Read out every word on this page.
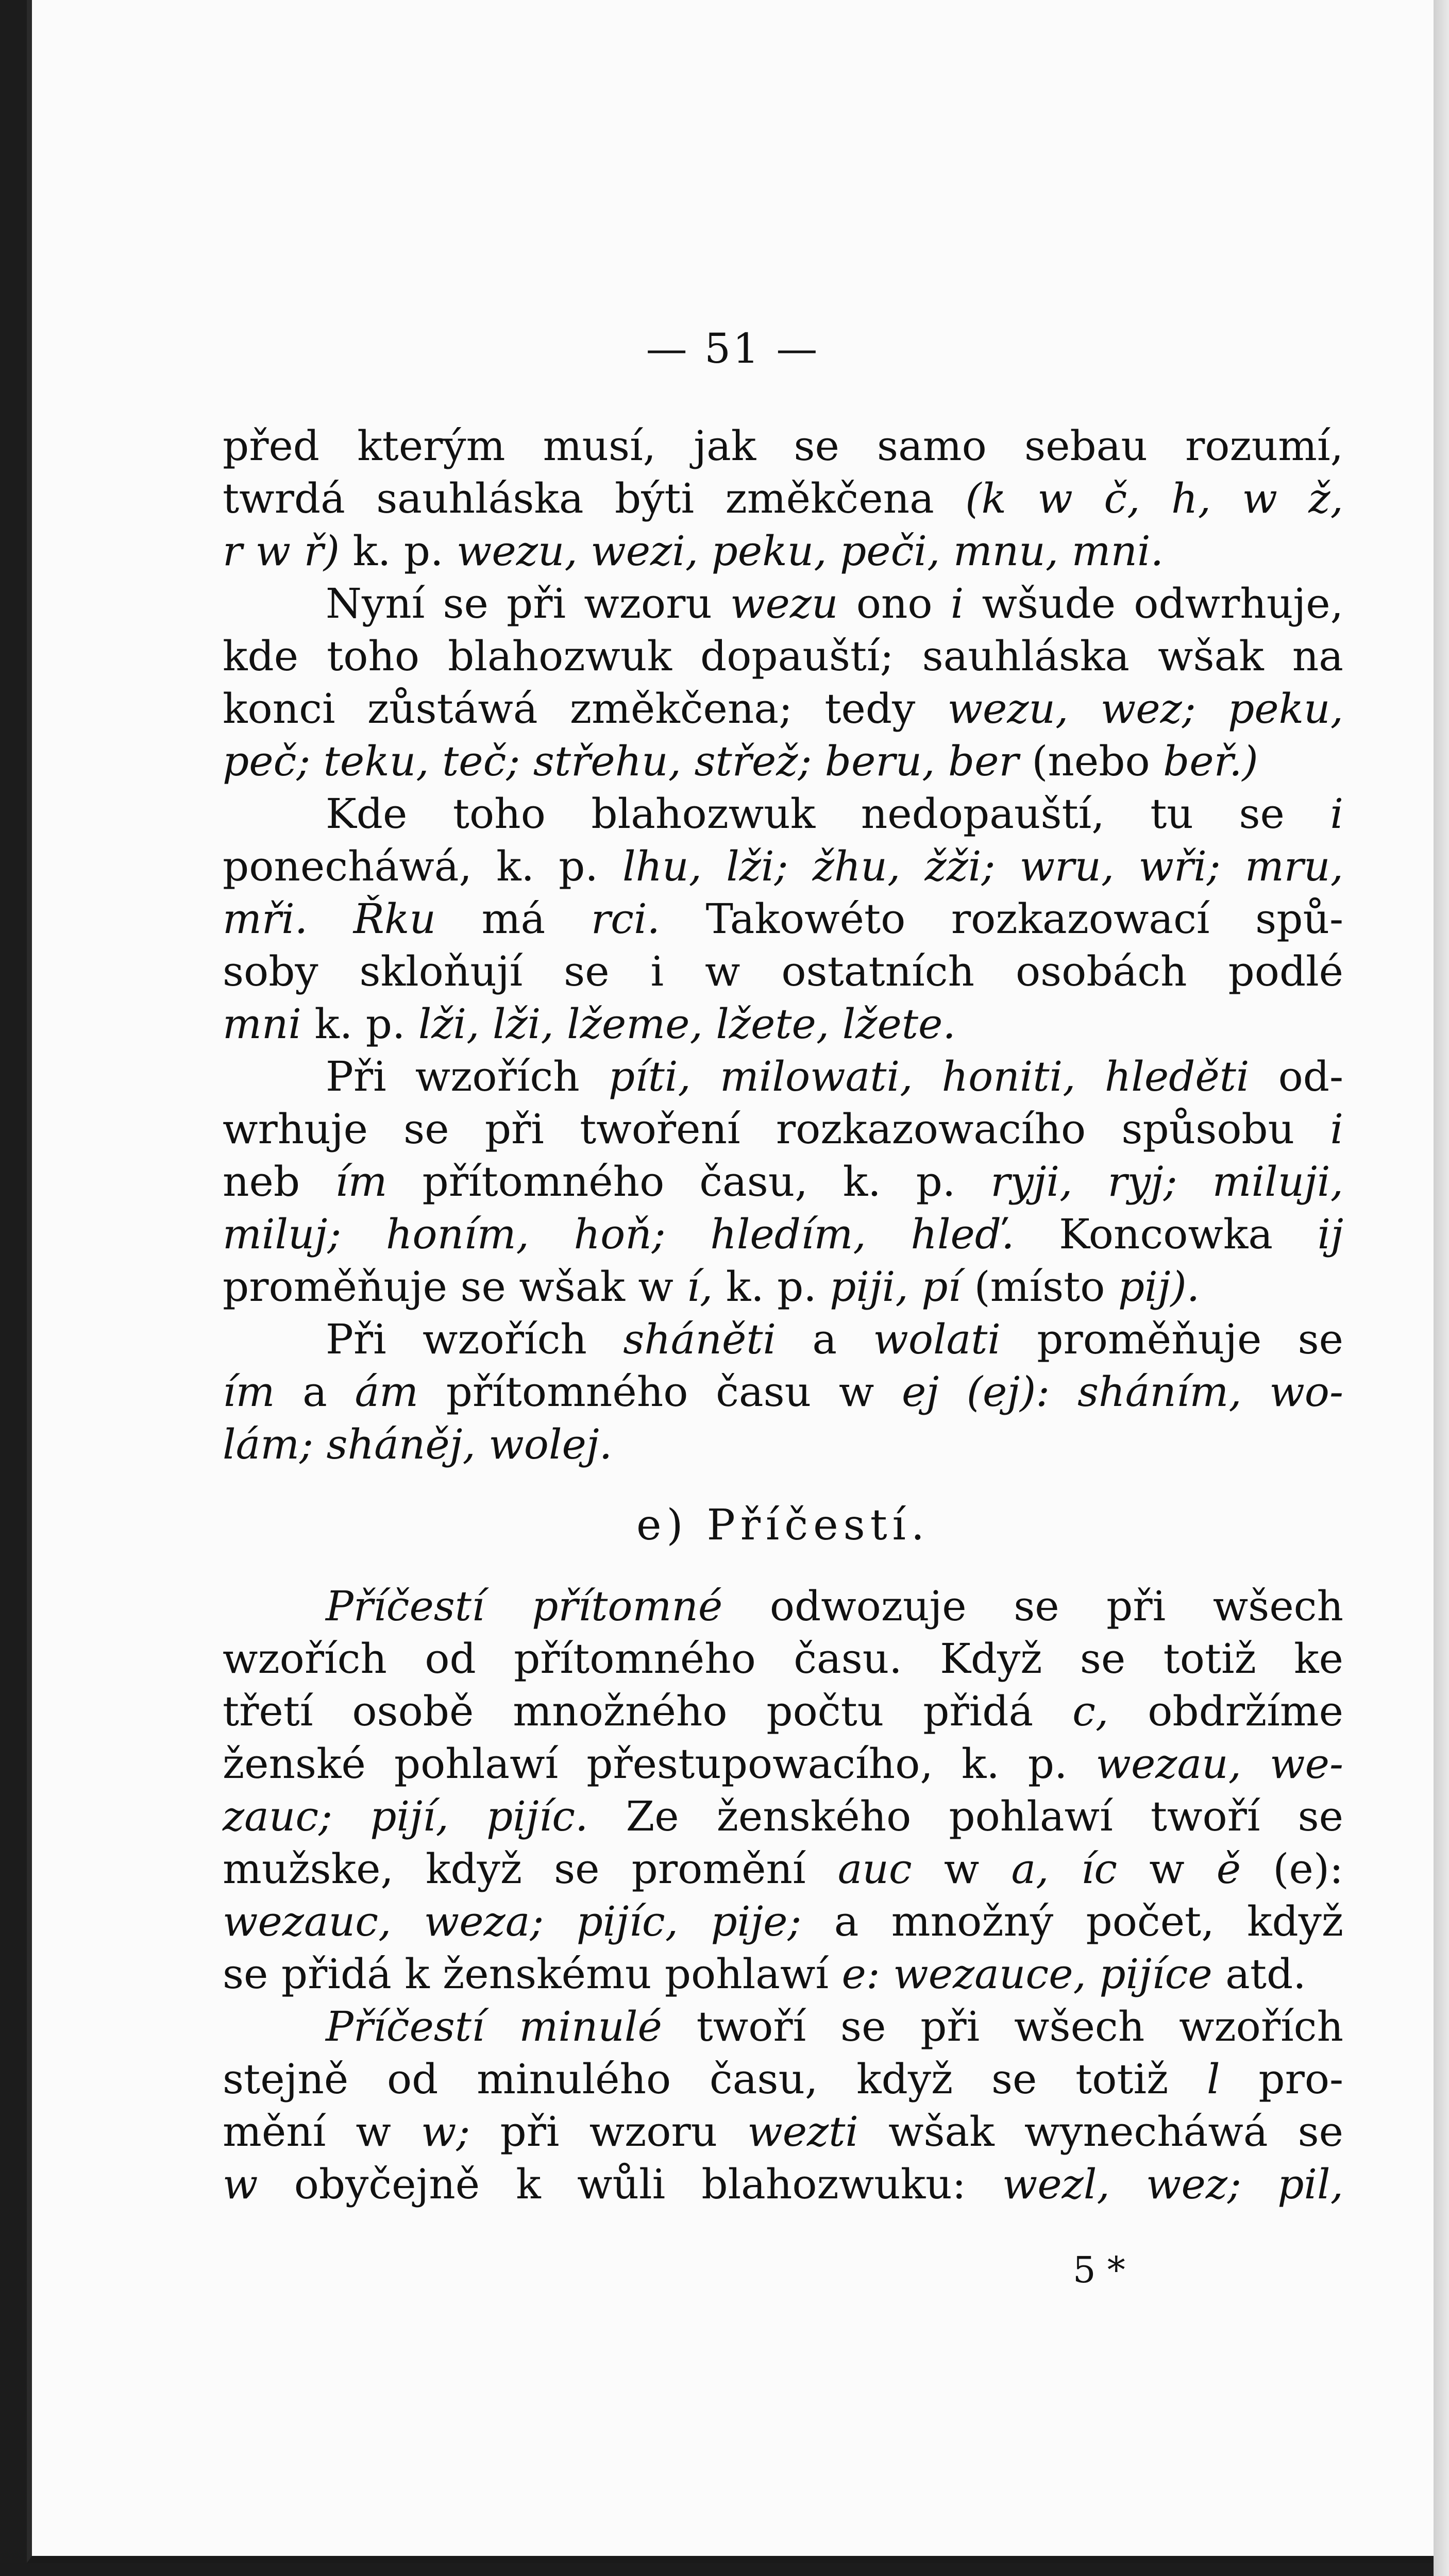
— 51 —

před kterým musí, jak se samo sebau rozumí,

twrdá sauhláska býti změkčena (k w č, h, w ž,

r w ř) k. p. wezu, wezi, peku, peči, mnu, mni.

Nyní se při wzoru wezu ono i wšude odwrhuje,

kde toho blahozwuk dopauští; sauhláska wšak na

konci zůstáwá změkčena; tedy wezu, wez; peku,

peč; teku, teč; střehu, střež; beru, ber (nebo beř.)

Kde toho blahozwuk nedopauští, tu se i

ponecháwá, k. p. lhu, lži; žhu, žži; wru, wři; mru,

mři. Řku má rci. Takowéto rozkazowací spů-

soby skloňují se i w ostatních osobách podlé

mni k. p. lži, lži, lžeme, lžete, lžete.

Při wzořích píti, milowati, honiti, hleděti od-

wrhuje se při twoření rozkazowacího spůsobu i

neb ím přítomného času, k. p. ryji, ryj; miluji,

miluj; honím, hoň; hledím, hleď. Koncowka ij

proměňuje se wšak w í, k. p. piji, pí (místo pij).

Při wzořích sháněti a wolati proměňuje se

ím a ám přítomného času w ej (ej): sháním, wo-

lám; sháněj, wolej.

e) Příčestí.

Příčestí přítomné odwozuje se při wšech

wzořích od přítomného času. Když se totiž ke

třetí osobě množného počtu přidá c, obdržíme

ženské pohlawí přestupowacího, k. p. wezau, we-

zauc; pijí, pijíc. Ze ženského pohlawí twoří se

mužske, když se promění auc w a, íc w ě (e):

wezauc, weza; pijíc, pije; a množný počet, když

se přidá k ženskému pohlawí e: wezauce, pijíce atd.

Příčestí minulé twoří se při wšech wzořích

stejně od minulého času, když se totiž l pro-

mění w w; při wzoru wezti wšak wynecháwá se

w obyčejně k wůli blahozwuku: wezl, wez; pil,

5 *
